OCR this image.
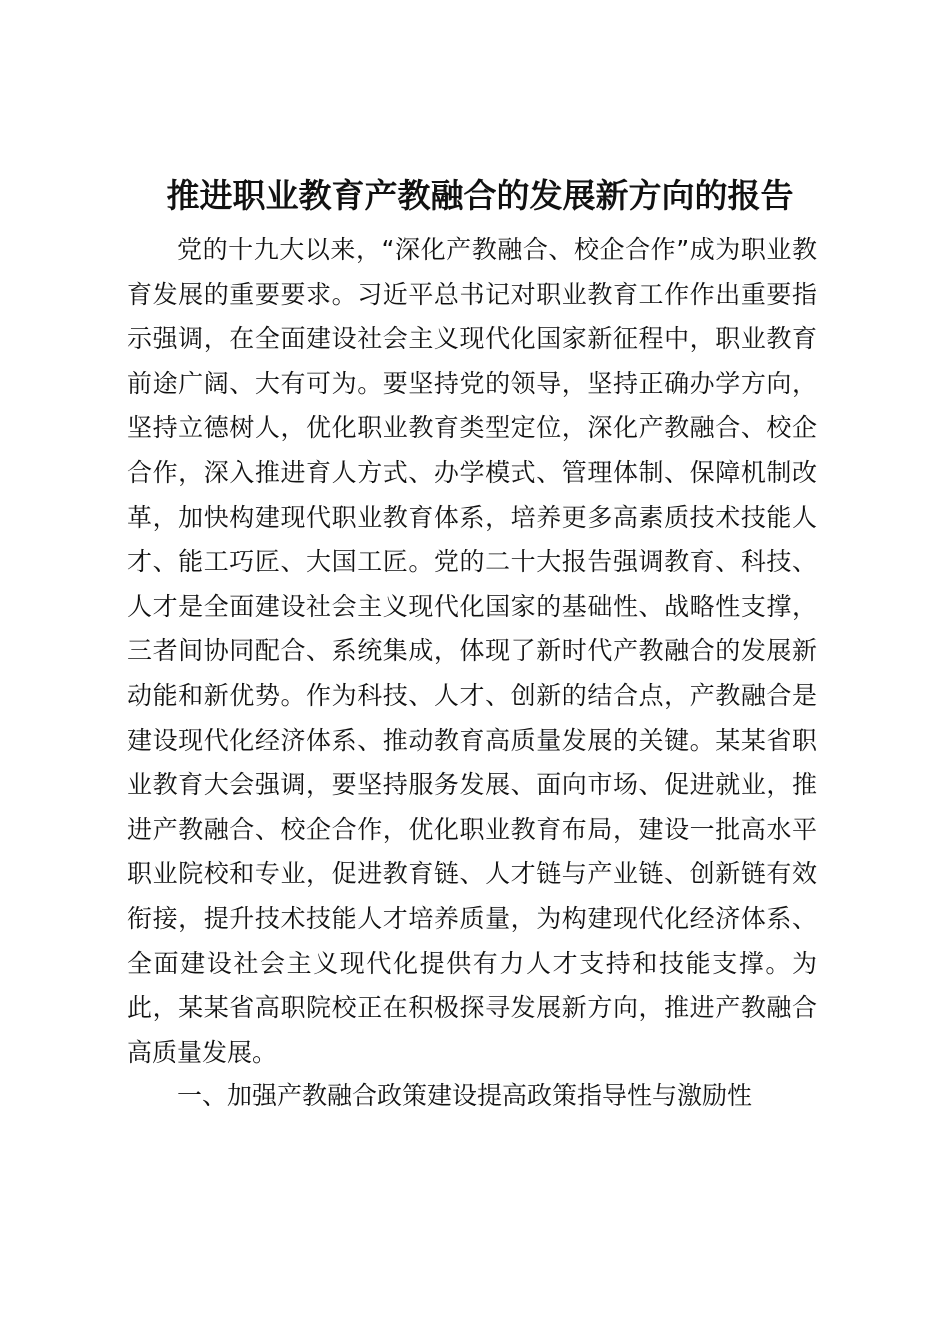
推进职业教育产教融合的发展新方向的报告
党的十九大以来，“深化产教融合、校企合作”成为职业教
育发展的重要要求。习近平总书记对职业教育工作作出重要指
示强调，在全面建设社会主义现代化国家新征程中，职业教育
前途广阔、大有可为。要坚持党的领导，坚持正确办学方向，
坚持立德树人，优化职业教育类型定位，深化产教融合、校企
合作，深入推进育人方式、办学模式、管理体制、保障机制改
革，加快构建现代职业教育体系，培养更多高素质技术技能人
才、能工巧匠、大国工匠。党的二十大报告强调教育、科技、
人才是全面建设社会主义现代化国家的基础性、战略性支撑，
三者间协同配合、系统集成，体现了新时代产教融合的发展新
动能和新优势。作为科技、人才、创新的结合点，产教融合是
建设现代化经济体系、推动教育高质量发展的关键。某某省职
业教育大会强调，要坚持服务发展、面向市场、促进就业，推
进产教融合、校企合作，优化职业教育布局，建设一批高水平
职业院校和专业，促进教育链、人才链与产业链、创新链有效
衔接，提升技术技能人才培养质量，为构建现代化经济体系、
全面建设社会主义现代化提供有力人才支持和技能支撑。为
此，某某省高职院校正在积极探寻发展新方向，推进产教融合
高质量发展。
一、加强产教融合政策建设提高政策指导性与激励性
